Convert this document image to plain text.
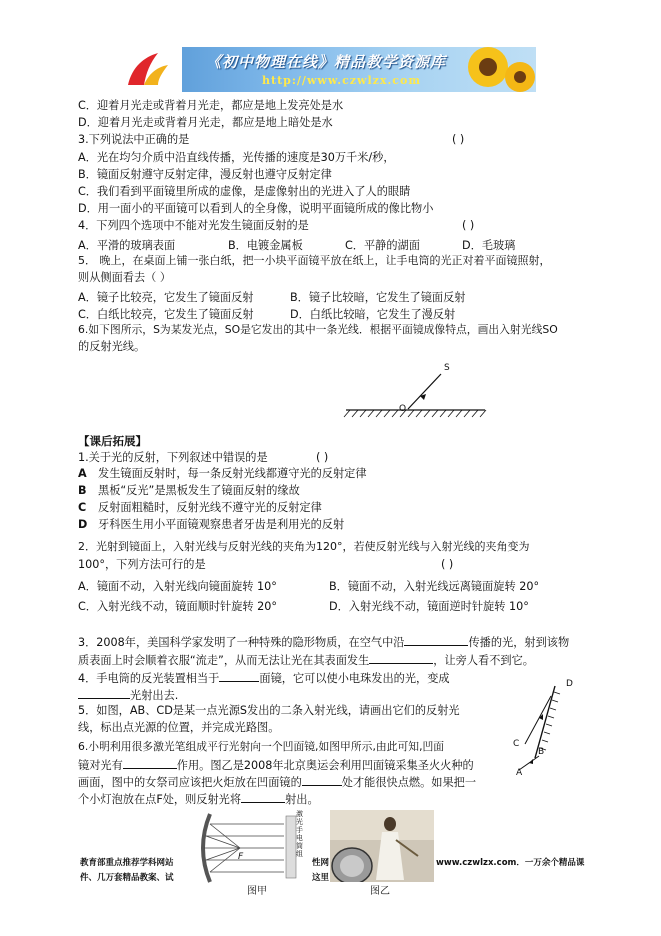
《初中物理在线》精品教学资源库
http://www.czwlzx.com
C．迎着月光走或背着月光走，都应是地上发亮处是水
D．迎着月光走或背着月光走，都应是地上暗处是水
3.下列说法中正确的是	( )
A．光在均匀介质中沿直线传播，光传播的速度是30万千米/秒，
B．镜面反射遵守反射定律，漫反射也遵守反射定律
C．我们看到平面镜里所成的虚像，是虚像射出的光进入了人的眼睛
D．用一面小的平面镜可以看到人的全身像，说明平面镜所成的像比物小
4．下列四个选项中不能对光发生镜面反射的是	( )
A．平滑的玻璃表面	B．电镀金属板	C．平静的湖面	D．毛玻璃
5． 晚上，在桌面上铺一张白纸，把一小块平面镜平放在纸上，让手电筒的光正对着平面镜照射，
则从侧面看去（ ）
A．镜子比较亮，它发生了镜面反射	B．镜子比较暗，它发生了镜面反射
C．白纸比较亮，它发生了镜面反射	D．白纸比较暗，它发生了漫反射
6.如下图所示，S为某发光点，SO是它发出的其中一条光线．根据平面镜成像特点，画出入射光线SO
的反射光线。
S
O
【课后拓展】
1.关于光的反射，下列叙述中错误的是	( )
A 发生镜面反射时，每一条反射光线都遵守光的反射定律
B 黑板“反光”是黑板发生了镜面反射的缘故
C 反射面粗糙时，反射光线不遵守光的反射定律
D 牙科医生用小平面镜观察患者牙齿是利用光的反射
2．光射到镜面上，入射光线与反射光线的夹角为120°，若使反射光线与入射光线的夹角变为
100°，下列方法可行的是	( )
A．镜面不动，入射光线向镜面旋转 10°	B．镜面不动，入射光线远离镜面旋转 20°
C．入射光线不动，镜面顺时针旋转 20°	D．入射光线不动，镜面逆时针旋转 10°
3．2008年，美国科学家发明了一种特殊的隐形物质，在空气中沿	传播的光，射到该物
质表面上时会顺着衣服“流走”，从而无法让光在其表面发生	，让旁人看不到它。
4．手电筒的反光装置相当于	面镜，它可以使小电珠发出的光，变成
光射出去.
5．如图，AB、CD是某一点光源S发出的二条入射光线，请画出它们的反射光
线，标出点光源的位置，并完成光路图。
D
C
B
A
6.小明利用很多激光笔组成平行光射向一个凹面镜,如图甲所示,由此可知,凹面
镜对光有	作用。图乙是2008年北京奥运会利用凹面镜采集圣火火种的
画面，图中的女祭司应该把火炬放在凹面镜的	处才能很快点燃。如果把一
个小灯泡放在点F处，则反射光将	射出。
F
激光手电筒组
教育部重点推荐学科网站
件、几万套精品教案、试
性网
这里
www.czwlzx.com．一万余个精品课
图甲	图乙
